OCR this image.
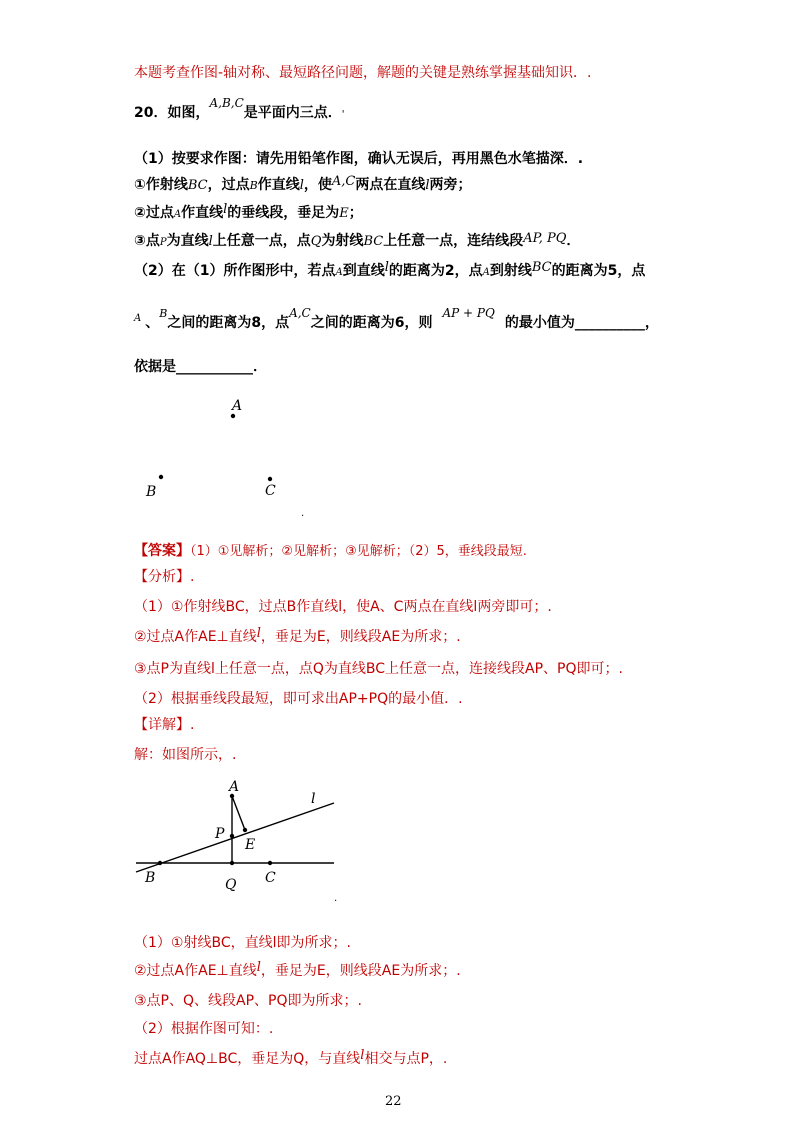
本题考查作图-轴对称、最短路径问题，解题的关键是熟练掌握基础知识．.
20．如图，A,B,C是平面内三点．'
（1）按要求作图：请先用铅笔作图，确认无误后，再用黑色水笔描深．.
①作射线BC，过点B作直线l，使A,C两点在直线l两旁；
②过点A作直线l的垂线段，垂足为E；
③点P为直线l上任意一点，点Q为射线BC上任意一点，连结线段AP, PQ．
（2）在（1）所作图形中，若点A到直线l的距离为2，点A到射线BC的距离为5，点
$^A$ 、$^B$之间的距离为8，点A,C之间的距离为6，则AP + PQ的最小值为__________，
依据是___________．
A
B	C
.
【答案】（1）①见解析；②见解析；③见解析；（2）5，垂线段最短.
【分析】.
（1）①作射线BC，过点B作直线l，使A、C两点在直线l两旁即可；.
②过点A作AE⊥直线l，垂足为E，则线段AE为所求；.
③点P为直线l上任意一点，点Q为直线BC上任意一点，连接线段AP、PQ即可；.
（2）根据垂线段最短，即可求出AP+PQ的最小值．.
【详解】.
解：如图所示，.
A
l
P
E
B	Q C
.
（1）①射线BC，直线l即为所求；.
②过点A作AE⊥直线l，垂足为E，则线段AE为所求；.
③点P、Q、线段AP、PQ即为所求；.
（2）根据作图可知：.
过点A作AQ⊥BC，垂足为Q，与直线l相交与点P，.
22
